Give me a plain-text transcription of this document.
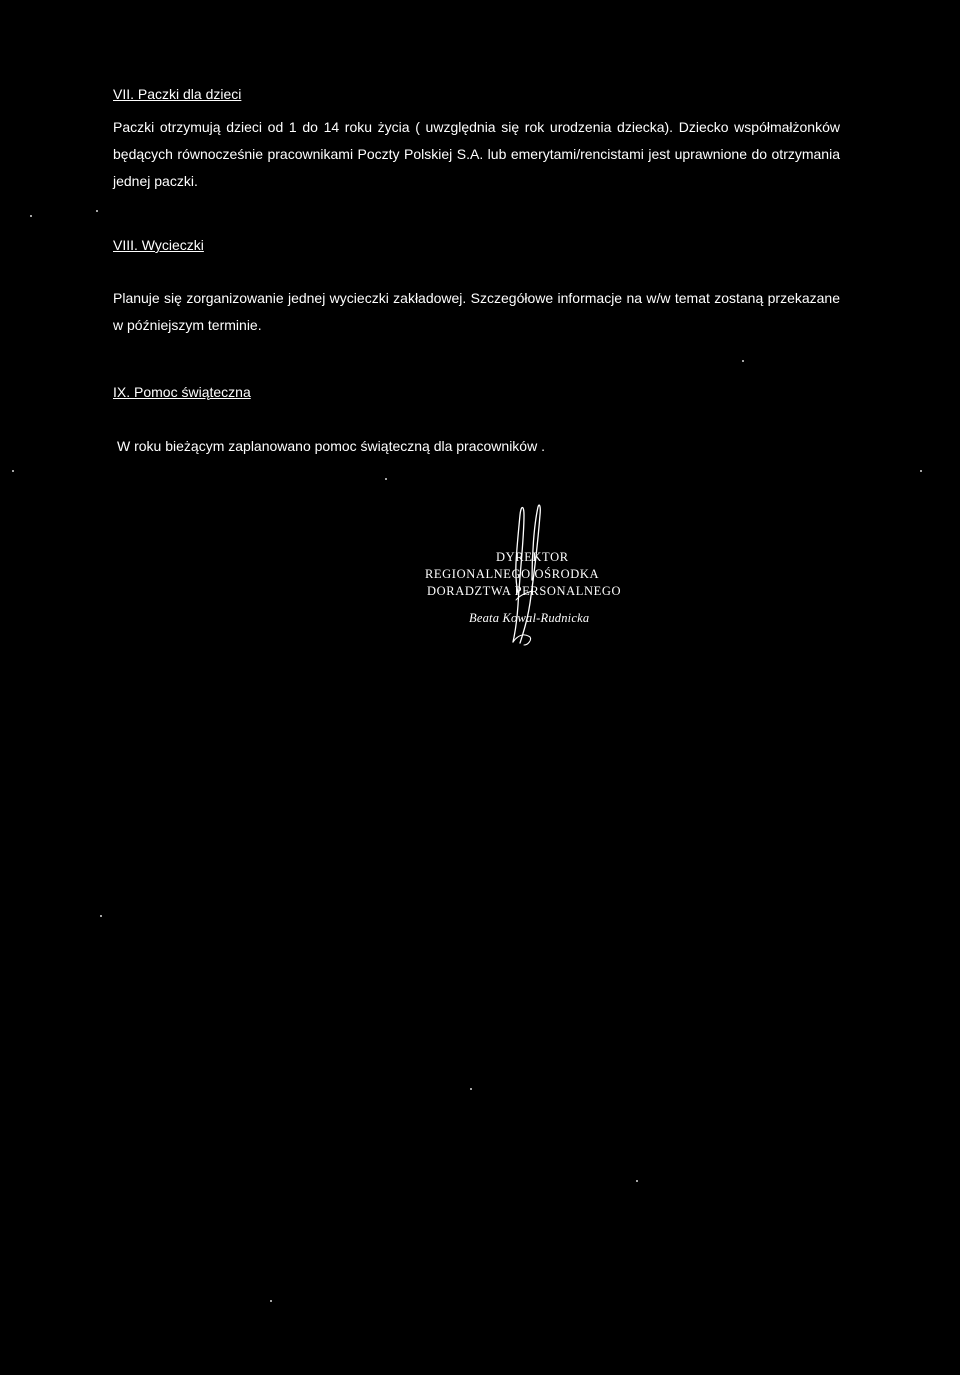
VII. Paczki dla dzieci

Paczki otrzymują dzieci od 1 do 14 roku życia ( uwzględnia się rok urodzenia dziecka). Dziecko współmałżonków będących równocześnie pracownikami Poczty Polskiej S.A. lub emerytami/rencistami jest uprawnione do otrzymania jednej paczki.

VIII. Wycieczki

Planuje się zorganizowanie jednej wycieczki zakładowej. Szczegółowe informacje na w/w temat zostaną przekazane w późniejszym terminie.

IX. Pomoc świąteczna

W roku bieżącym zaplanowano pomoc świąteczną dla pracowników .

DYREKTOR
REGIONALNEGO OŚRODKA
DORADZTWA PERSONALNEGO
Beata Kowal-Rudnicka
